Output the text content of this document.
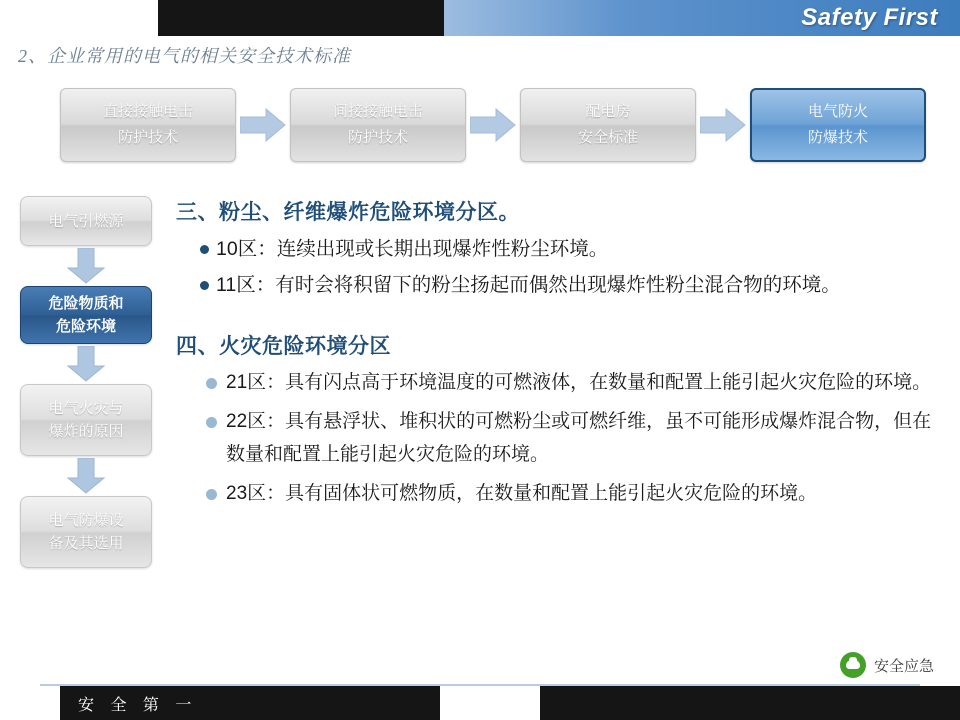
Safety First
2、企业常用的电气的相关安全技术标准
直接接触电击
防护技术
间接接触电击
防护技术
配电房
安全标准
电气防火
防爆技术
电气引燃源
危险物质和
危险环境
电气火灾与
爆炸的原因
电气防爆设
备及其选用
三、粉尘、纤维爆炸危险环境分区。
10区：连续出现或长期出现爆炸性粉尘环境。
11区：有时会将积留下的粉尘扬起而偶然出现爆炸性粉尘混合物的环境。
四、火灾危险环境分区
21区：具有闪点高于环境温度的可燃液体，在数量和配置上能引起火灾危险的环境。
22区：具有悬浮状、堆积状的可燃粉尘或可燃纤维，虽不可能形成爆炸混合物，但在数量和配置上能引起火灾危险的环境。
23区：具有固体状可燃物质，在数量和配置上能引起火灾危险的环境。
安全应急
安 全 第 一
